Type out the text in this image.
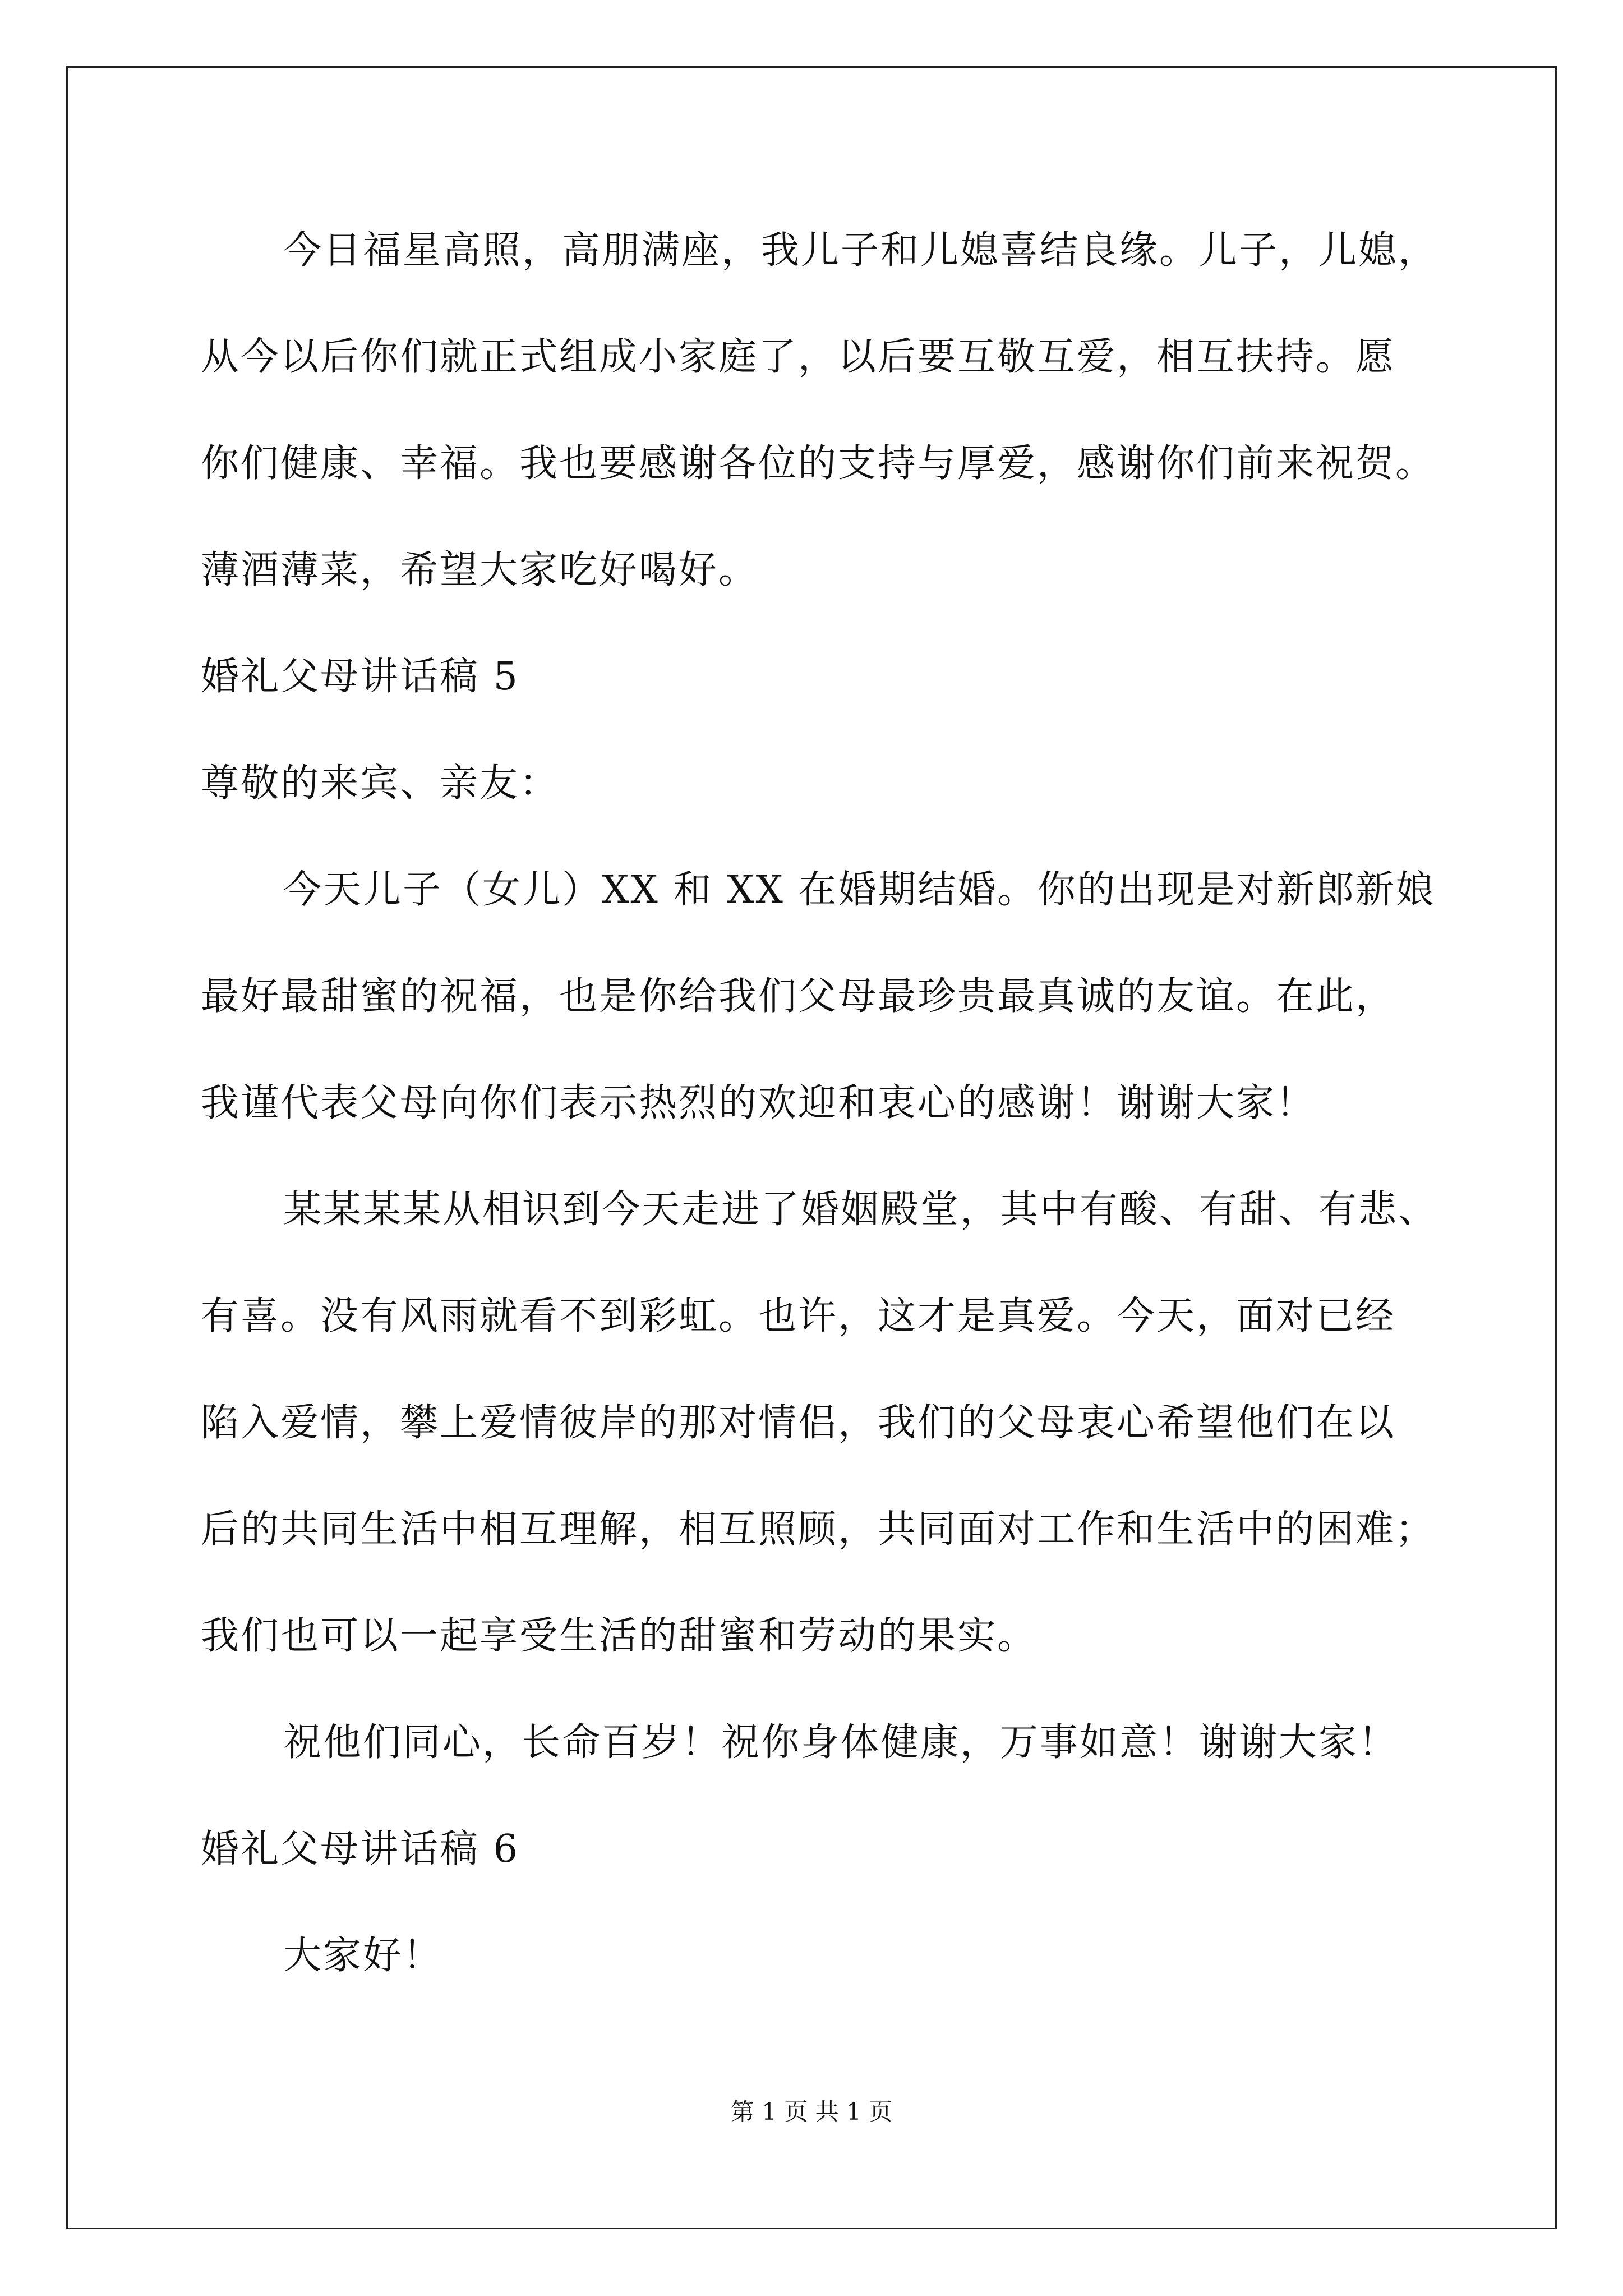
今日福星高照，高朋满座，我儿子和儿媳喜结良缘。儿子，儿媳，
从今以后你们就正式组成小家庭了，以后要互敬互爱，相互扶持。愿
你们健康、幸福。我也要感谢各位的支持与厚爱，感谢你们前来祝贺。
薄酒薄菜，希望大家吃好喝好。
婚礼父母讲话稿 5
尊敬的来宾、亲友：
今天儿子（女儿）XX 和 XX 在婚期结婚。你的出现是对新郎新娘
最好最甜蜜的祝福，也是你给我们父母最珍贵最真诚的友谊。在此，
我谨代表父母向你们表示热烈的欢迎和衷心的感谢！谢谢大家！
某某某某从相识到今天走进了婚姻殿堂，其中有酸、有甜、有悲、
有喜。没有风雨就看不到彩虹。也许，这才是真爱。今天，面对已经
陷入爱情，攀上爱情彼岸的那对情侣，我们的父母衷心希望他们在以
后的共同生活中相互理解，相互照顾，共同面对工作和生活中的困难；
我们也可以一起享受生活的甜蜜和劳动的果实。
祝他们同心，长命百岁！祝你身体健康，万事如意！谢谢大家！
婚礼父母讲话稿 6
大家好！
第 1 页 共 1 页
